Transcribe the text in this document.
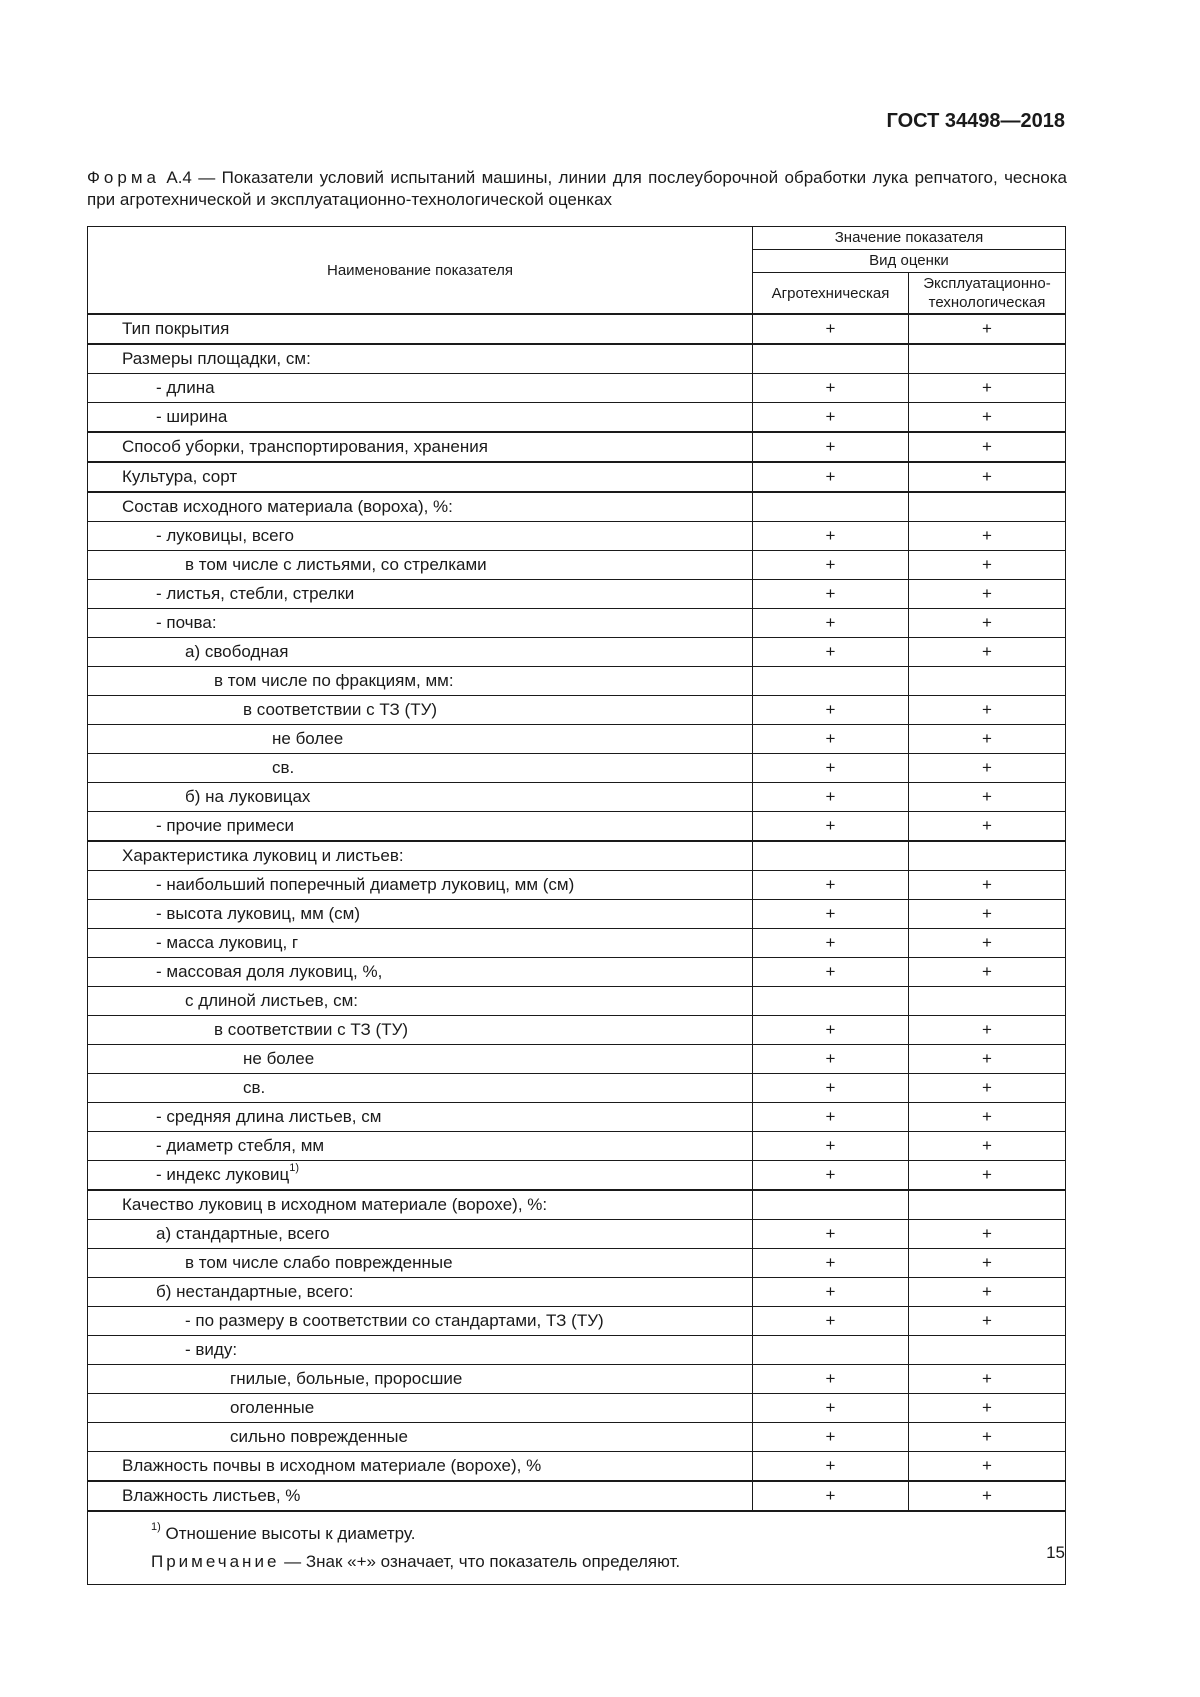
ГОСТ 34498—2018
Форма А.4 — Показатели условий испытаний машины, линии для послеуборочной обработки лука репчатого, чеснока при агротехнической и эксплуатационно-технологической оценках
Наименование показателя	Значение показателя	
	Вид оценки	
	Агротехническая	Эксплуатационно-технологическая

Тип покрытия	+	+

Размеры площадки, см:		

- длина	+	+

- ширина	+	+

Способ уборки, транспортирования, хранения	+	+

Культура, сорт	+	+

Состав исходного материала (вороха), %:		

- луковицы, всего	+	+

в том числе с листьями, со стрелками	+	+

- листья, стебли, стрелки	+	+

- почва:	+	+

а) свободная	+	+

в том числе по фракциям, мм:		

в соответствии с ТЗ (ТУ)	+	+

не более	+	+

св.	+	+

б) на луковицах	+	+

- прочие примеси	+	+

Характеристика луковиц и листьев:		

- наибольший поперечный диаметр луковиц, мм (см)	+	+

- высота луковиц, мм (см)	+	+

- масса луковиц, г	+	+

- массовая доля луковиц, %,	+	+

с длиной листьев, см:		

в соответствии с ТЗ (ТУ)	+	+

не более	+	+

св.	+	+

- средняя длина листьев, см	+	+

- диаметр стебля, мм	+	+

- индекс луковиц$^{1)}$	+	+

Качество луковиц в исходном материале (ворохе), %:		

а) стандартные, всего	+	+

в том числе слабо поврежденные	+	+

б) нестандартные, всего:	+	+

- по размеру в соответствии со стандартами, ТЗ (ТУ)	+	+

- виду:		

гнилые, больные, проросшие	+	+

оголенные	+	+

сильно поврежденные	+	+

Влажность почвы в исходном материале (ворохе), %	+	+

Влажность листьев, %	+	+

$^{1)}$ Отношение высоты к диаметру.
Примечание — Знак «+» означает, что показатель определяют.			15
